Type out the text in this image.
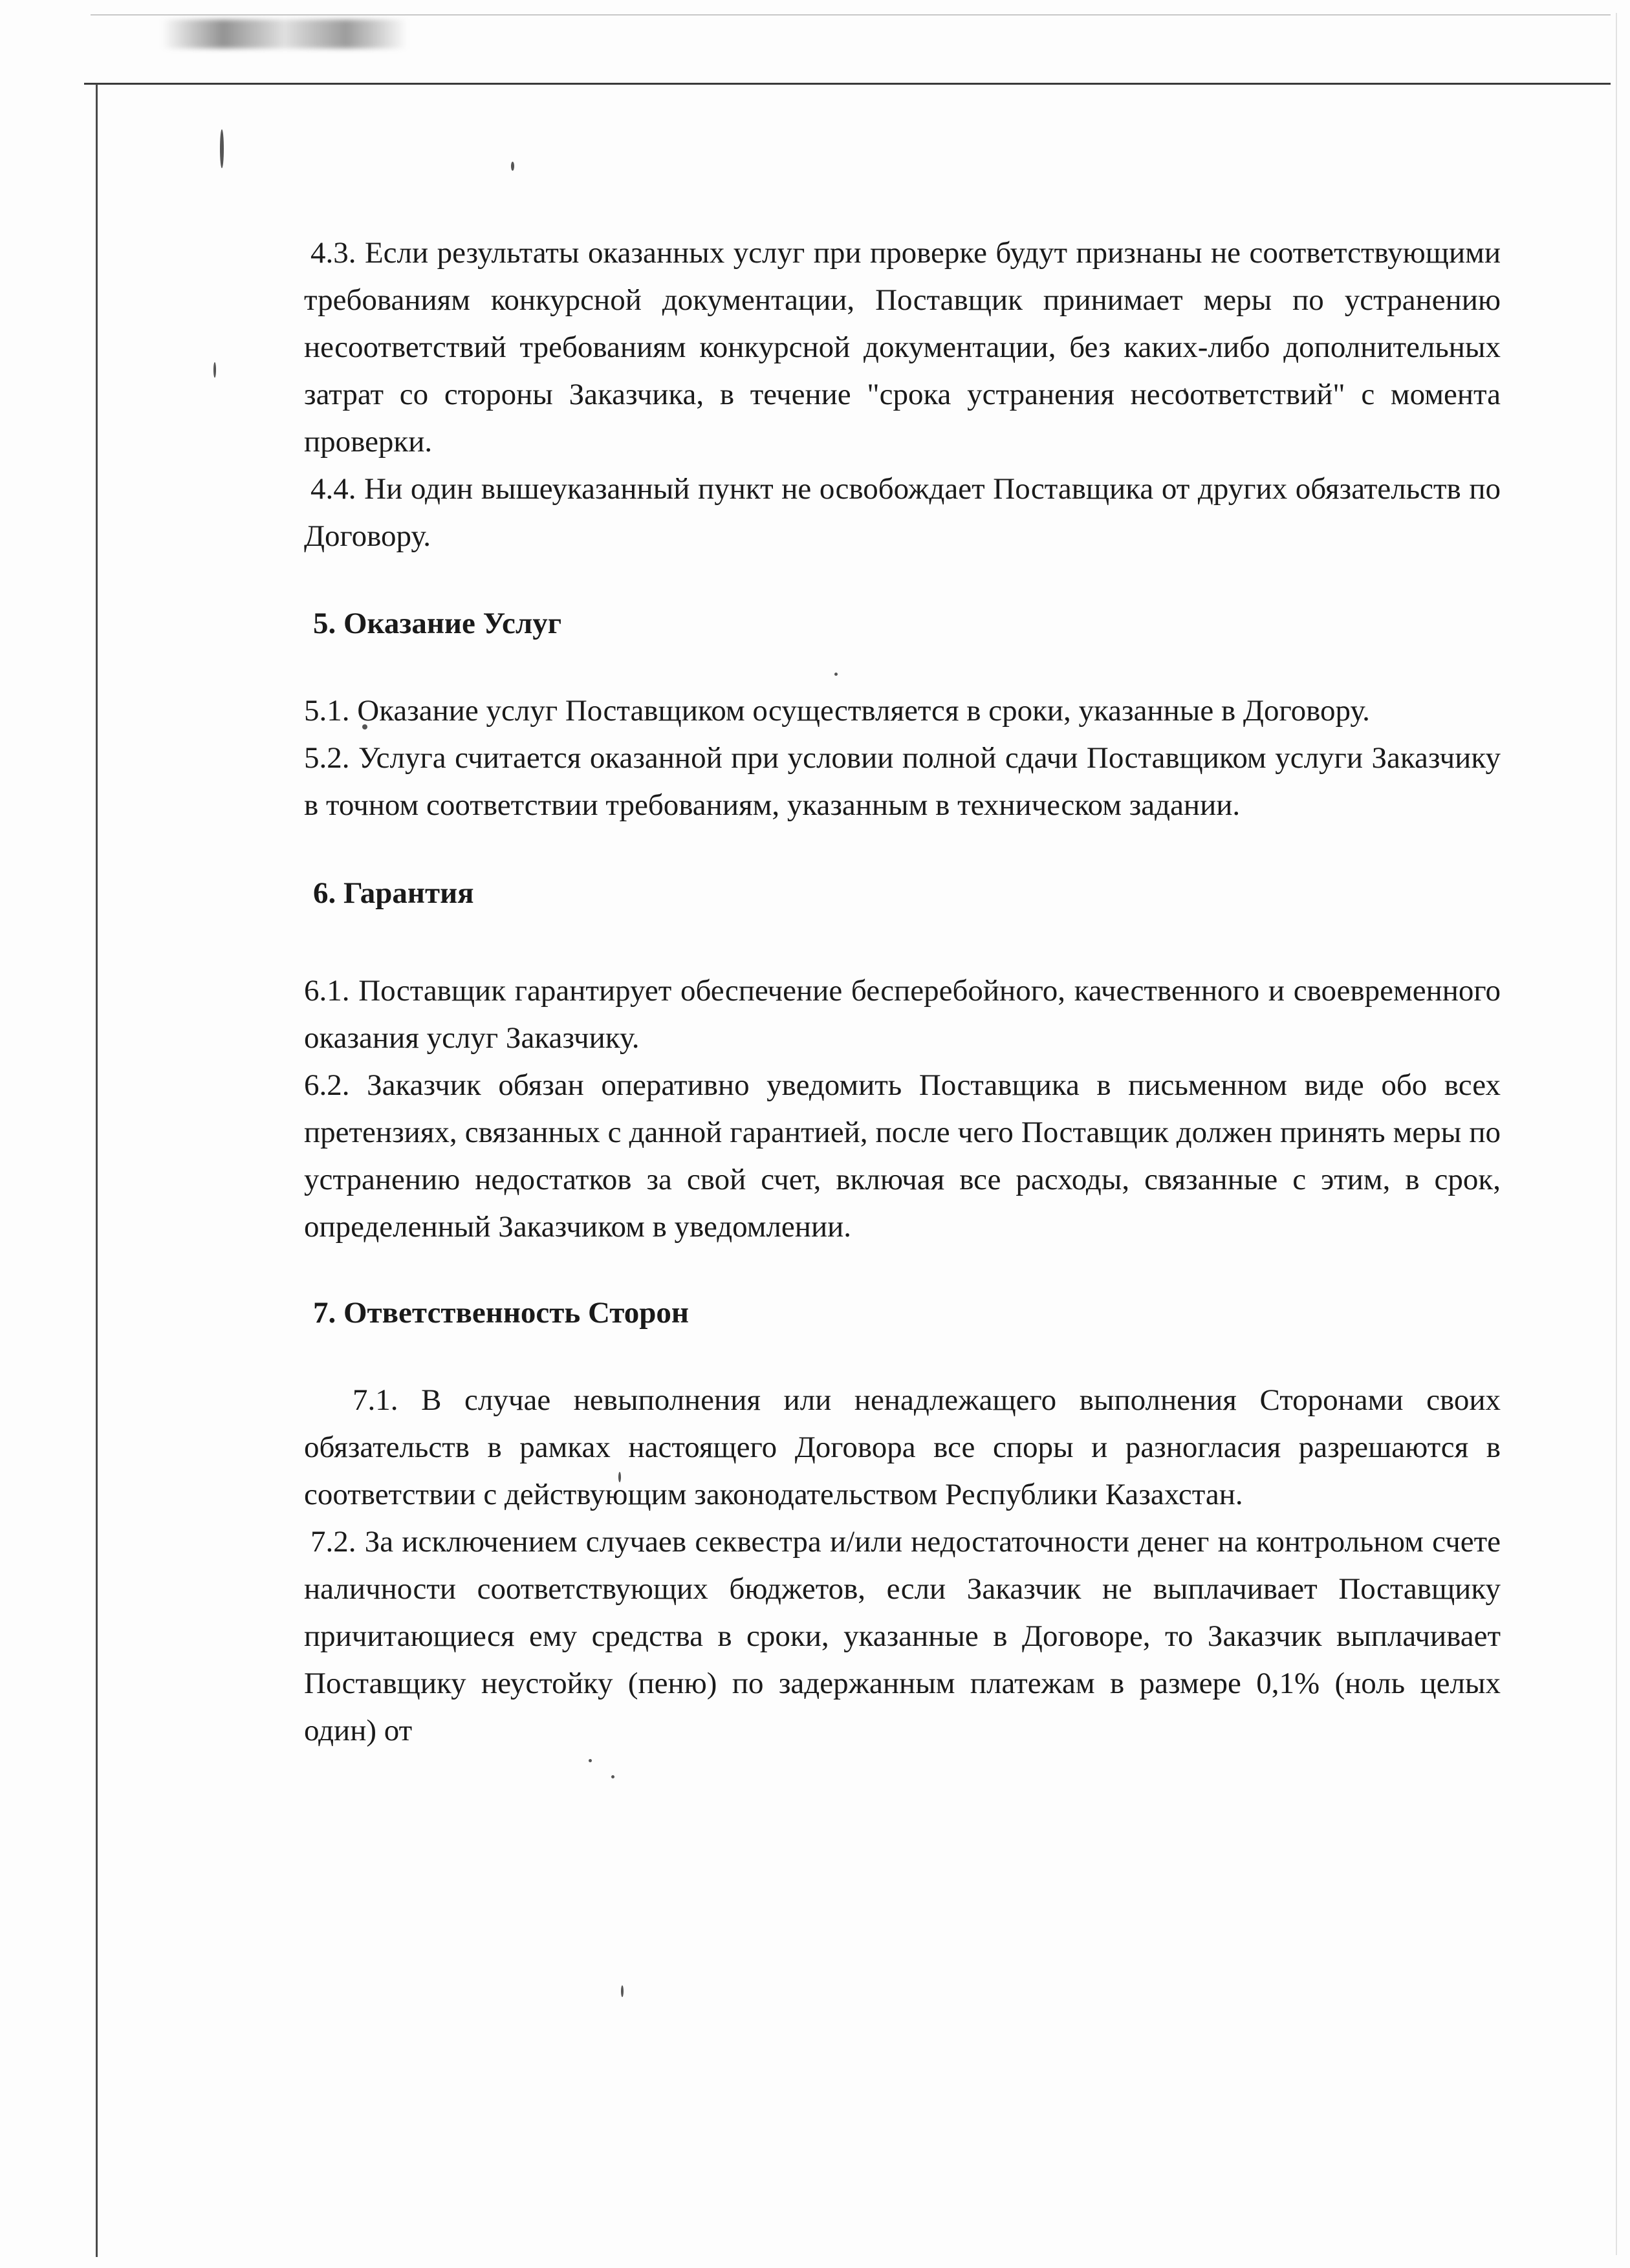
4.3. Если результаты оказанных услуг при проверке будут признаны не соответствующими требованиям конкурсной документации, Поставщик принимает меры по устранению несоответствий требованиям конкурсной документации, без каких-либо дополнительных затрат со стороны Заказчика, в течение "срока устранения несоответствий" с момента проверки.

4.4. Ни один вышеуказанный пункт не освобождает Поставщика от других обязательств по Договору.

5. Оказание Услуг

5.1. Оказание услуг Поставщиком осуществляется в сроки, указанные в Договору.

5.2. Услуга считается оказанной при условии полной сдачи Поставщиком услуги Заказчику в точном соответствии требованиям, указанным в техническом задании.

6. Гарантия

6.1. Поставщик гарантирует обеспечение бесперебойного, качественного и своевременного оказания услуг Заказчику.

6.2. Заказчик обязан оперативно уведомить Поставщика в письменном виде обо всех претензиях, связанных с данной гарантией, после чего Поставщик должен принять меры по устранению недостатков за свой счет, включая все расходы, связанные с этим, в срок, определенный Заказчиком в уведомлении.

7. Ответственность Сторон

7.1. В случае невыполнения или ненадлежащего выполнения Сторонами своих обязательств в рамках настоящего Договора все споры и разногласия разрешаются в соответствии с действующим законодательством Республики Казахстан.

7.2. За исключением случаев секвестра и/или недостаточности денег на контрольном счете наличности соответствующих бюджетов, если Заказчик не выплачивает Поставщику причитающиеся ему средства в сроки, указанные в Договоре, то Заказчик выплачивает Поставщику неустойку (пеню) по задержанным платежам в размере 0,1% (ноль целых один) от
